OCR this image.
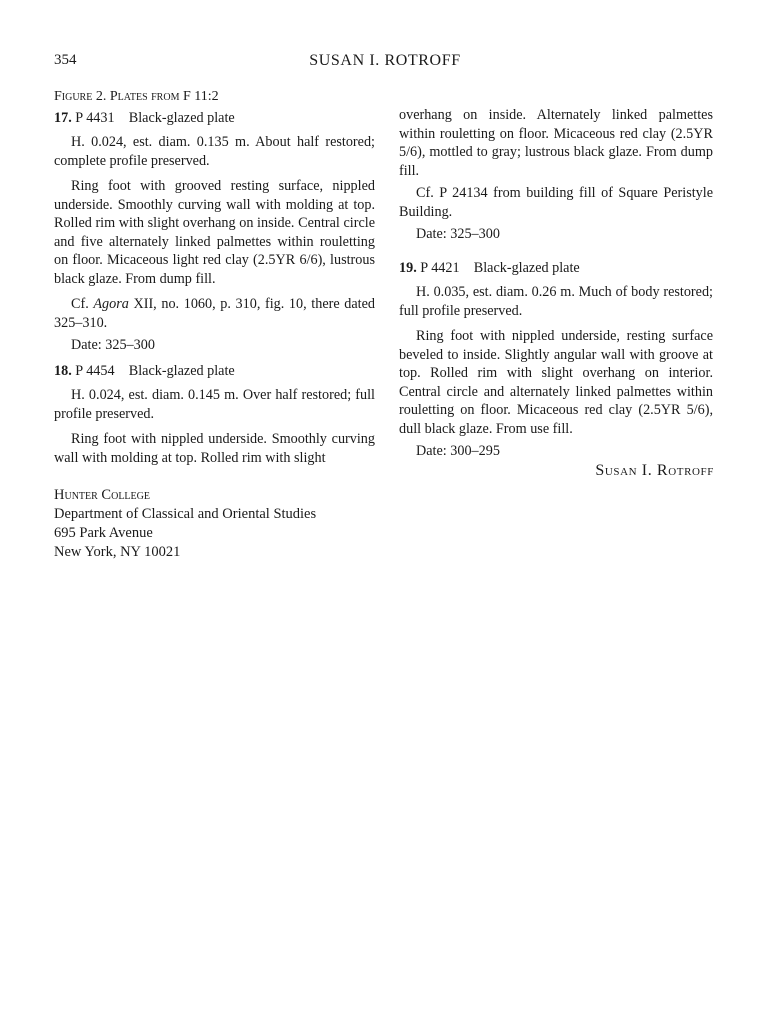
354	SUSAN I. ROTROFF

Figure 2. Plates from F 11:2

17. P 4431 Black-glazed plate

H. 0.024, est. diam. 0.135 m. About half restored; complete profile preserved.

Ring foot with grooved resting surface, nippled underside. Smoothly curving wall with molding at top. Rolled rim with slight overhang on inside. Central circle and five alternately linked palmettes within rouletting on floor. Micaceous light red clay (2.5YR 6/6), lustrous black glaze. From dump fill.

Cf. Agora XII, no. 1060, p. 310, fig. 10, there dated 325–310.

Date: 325–300

18. P 4454 Black-glazed plate

H. 0.024, est. diam. 0.145 m. Over half restored; full profile preserved.

Ring foot with nippled underside. Smoothly curving wall with molding at top. Rolled rim with slight

overhang on inside. Alternately linked palmettes within rouletting on floor. Micaceous red clay (2.5YR 5/6), mottled to gray; lustrous black glaze. From dump fill.

Cf. P 24134 from building fill of Square Peristyle Building.

Date: 325–300

19. P 4421 Black-glazed plate

H. 0.035, est. diam. 0.26 m. Much of body restored; full profile preserved.

Ring foot with nippled underside, resting surface beveled to inside. Slightly angular wall with groove at top. Rolled rim with slight overhang on interior. Central circle and alternately linked palmettes within rouletting on floor. Micaceous red clay (2.5YR 5/6), dull black glaze. From use fill.

Date: 300–295

Susan I. Rotroff
Hunter College
Department of Classical and Oriental Studies
695 Park Avenue
New York, NY 10021
